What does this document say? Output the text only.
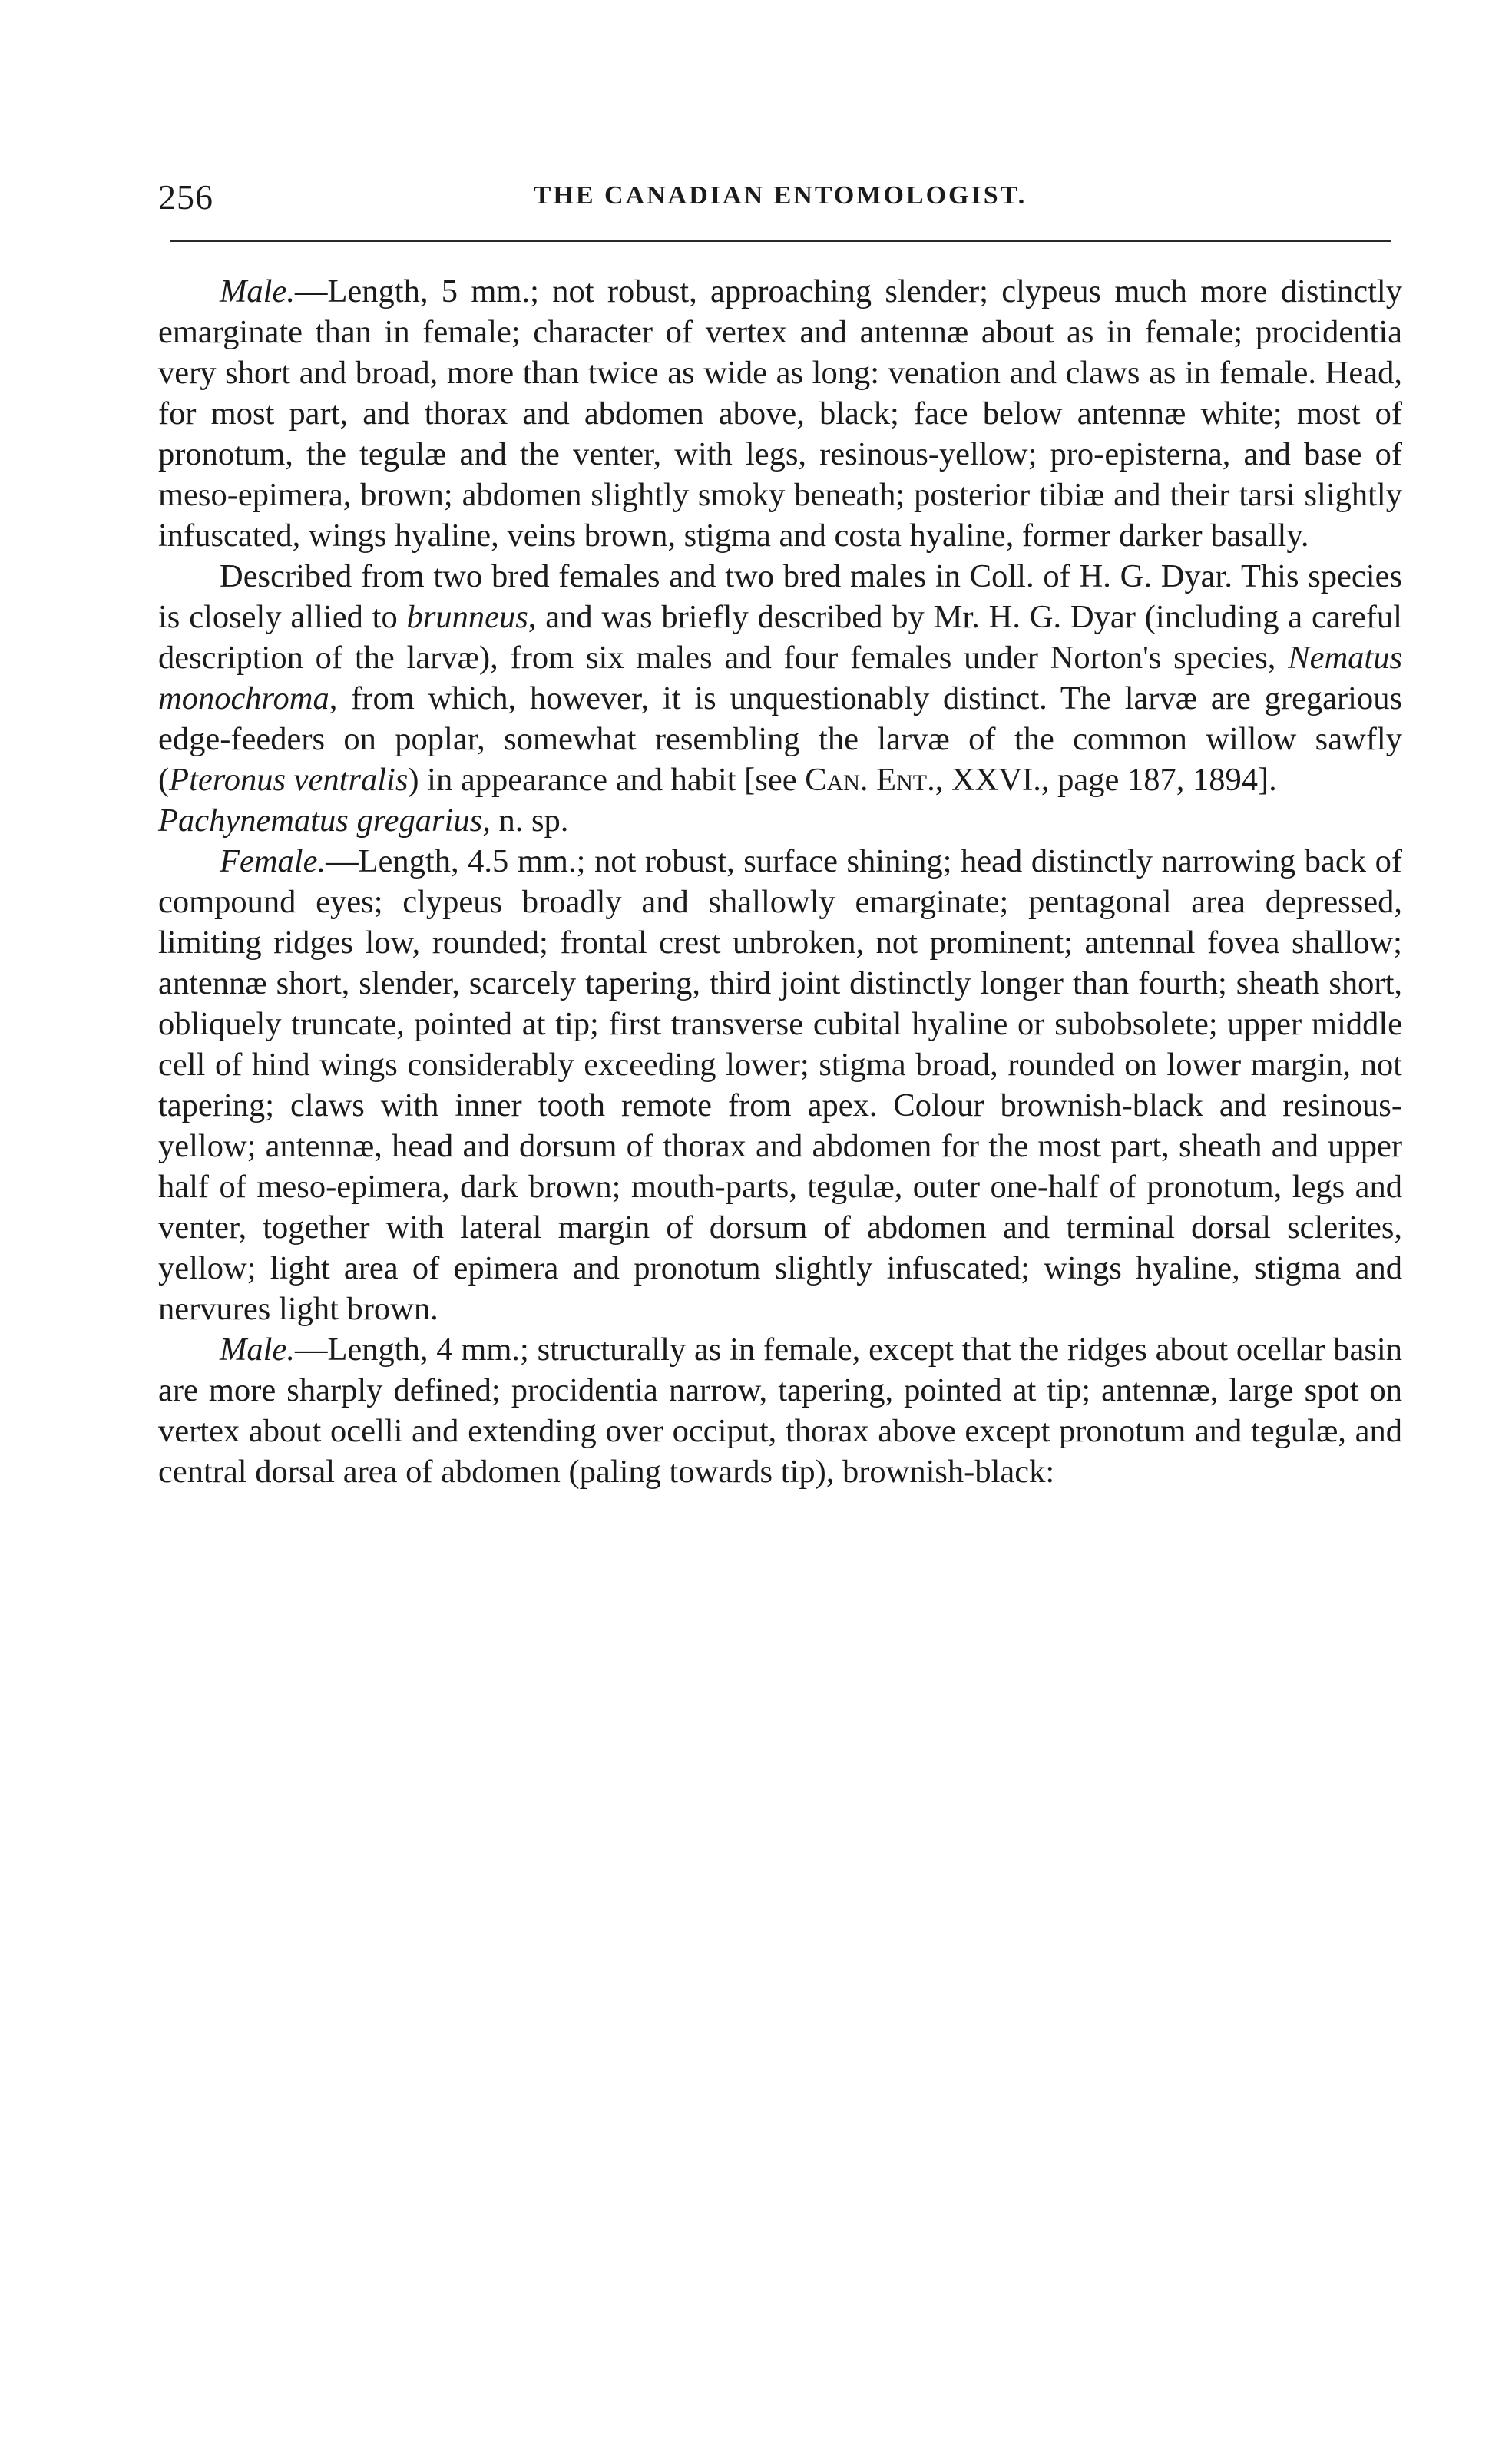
256	THE CANADIAN ENTOMOLOGIST.

Male.—Length, 5 mm.; not robust, approaching slender; clypeus much more distinctly emarginate than in female; character of vertex and antennæ about as in female; procidentia very short and broad, more than twice as wide as long: venation and claws as in female. Head, for most part, and thorax and abdomen above, black; face below antennæ white; most of pronotum, the tegulæ and the venter, with legs, resinous-yellow; pro-episterna, and base of meso-epimera, brown; abdomen slightly smoky beneath; posterior tibiæ and their tarsi slightly infuscated, wings hyaline, veins brown, stigma and costa hyaline, former darker basally.

Described from two bred females and two bred males in Coll. of H. G. Dyar. This species is closely allied to brunneus, and was briefly described by Mr. H. G. Dyar (including a careful description of the larvæ), from six males and four females under Norton's species, Nematus monochroma, from which, however, it is unquestionably distinct. The larvæ are gregarious edge-feeders on poplar, somewhat resembling the larvæ of the common willow sawfly (Pteronus ventralis) in appearance and habit [see Can. Ent., XXVI., page 187, 1894].

Pachynematus gregarius, n. sp.

Female.—Length, 4.5 mm.; not robust, surface shining; head distinctly narrowing back of compound eyes; clypeus broadly and shallowly emarginate; pentagonal area depressed, limiting ridges low, rounded; frontal crest unbroken, not prominent; antennal fovea shallow; antennæ short, slender, scarcely tapering, third joint distinctly longer than fourth; sheath short, obliquely truncate, pointed at tip; first transverse cubital hyaline or subobsolete; upper middle cell of hind wings considerably exceeding lower; stigma broad, rounded on lower margin, not tapering; claws with inner tooth remote from apex. Colour brownish-black and resinous-yellow; antennæ, head and dorsum of thorax and abdomen for the most part, sheath and upper half of meso-epimera, dark brown; mouth-parts, tegulæ, outer one-half of pronotum, legs and venter, together with lateral margin of dorsum of abdomen and terminal dorsal sclerites, yellow; light area of epimera and pronotum slightly infuscated; wings hyaline, stigma and nervures light brown.

Male.—Length, 4 mm.; structurally as in female, except that the ridges about ocellar basin are more sharply defined; procidentia narrow, tapering, pointed at tip; antennæ, large spot on vertex about ocelli and extending over occiput, thorax above except pronotum and tegulæ, and central dorsal area of abdomen (paling towards tip), brownish-black:
